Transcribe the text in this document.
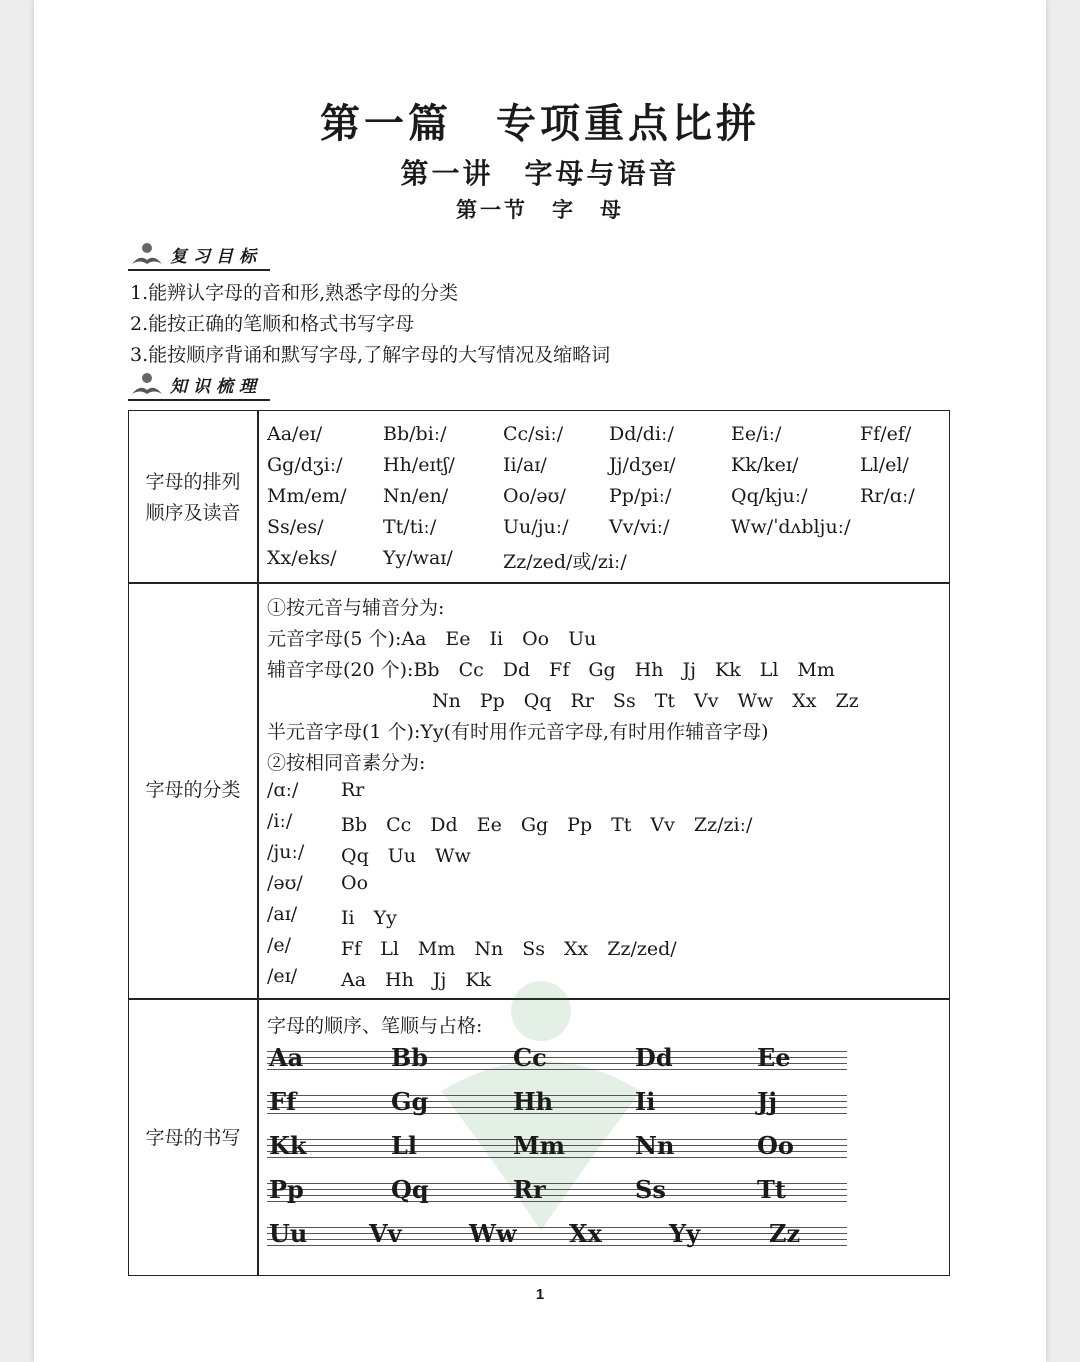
第一篇　专项重点比拼
第一讲　字母与语音
第一节　字　母
复习目标
1.能辨认字母的音和形,熟悉字母的分类
2.能按正确的笔顺和格式书写字母
3.能按顺序背诵和默写字母,了解字母的大写情况及缩略词
知识梳理
字母的排列
顺序及读音
Aa/eɪ/	Bb/biː/	Cc/siː/ Dd/diː/	Ee/iː/	Ff/ef/
Gg/dʒiː/ Hh/eɪtʃ/	Ii/aɪ/	Jj/dʒeɪ/	Kk/keɪ/	Ll/el/
Mm/em/ Nn/en/	Oo/əʊ/ Pp/piː/	Qq/kjuː/	Rr/ɑː/
Ss/es/	Tt/tiː/	Uu/juː/ Vv/viː/	Ww/ˈdʌbljuː/
Xx/eks/ Yy/waɪ/	Zz/zed/或/ziː/
字母的分类
①按元音与辅音分为:
元音字母(5 个):Aa　Ee　Ii　Oo　Uu
辅音字母(20 个):Bb　Cc　Dd　Ff　Gg　Hh　Jj　Kk　Ll　Mm
Nn　Pp　Qq　Rr　Ss　Tt　Vv　Ww　Xx　Zz
半元音字母(1 个):Yy(有时用作元音字母,有时用作辅音字母)
②按相同音素分为:
/ɑː/ Rr
/iː/	Bb　Cc　Dd　Ee　Gg　Pp　Tt　Vv　Zz/ziː/
/juː/ Qq　Uu　Ww
/əʊ/ Oo
/aɪ/ Ii　Yy
/e/	Ff　Ll　Mm　Nn　Ss　Xx　Zz/zed/
/eɪ/ Aa　Hh　Jj　Kk
字母的书写
字母的顺序、笔顺与占格:
Aa	Bb	Cc	Dd	Ee
Ff	Gg	Hh	Ii	Jj
Kk	Ll	Mm	Nn	Oo
Pp	Qq	Rr	Ss	Tt
Uu	Vv	Ww Xx	Yy	Zz
1
